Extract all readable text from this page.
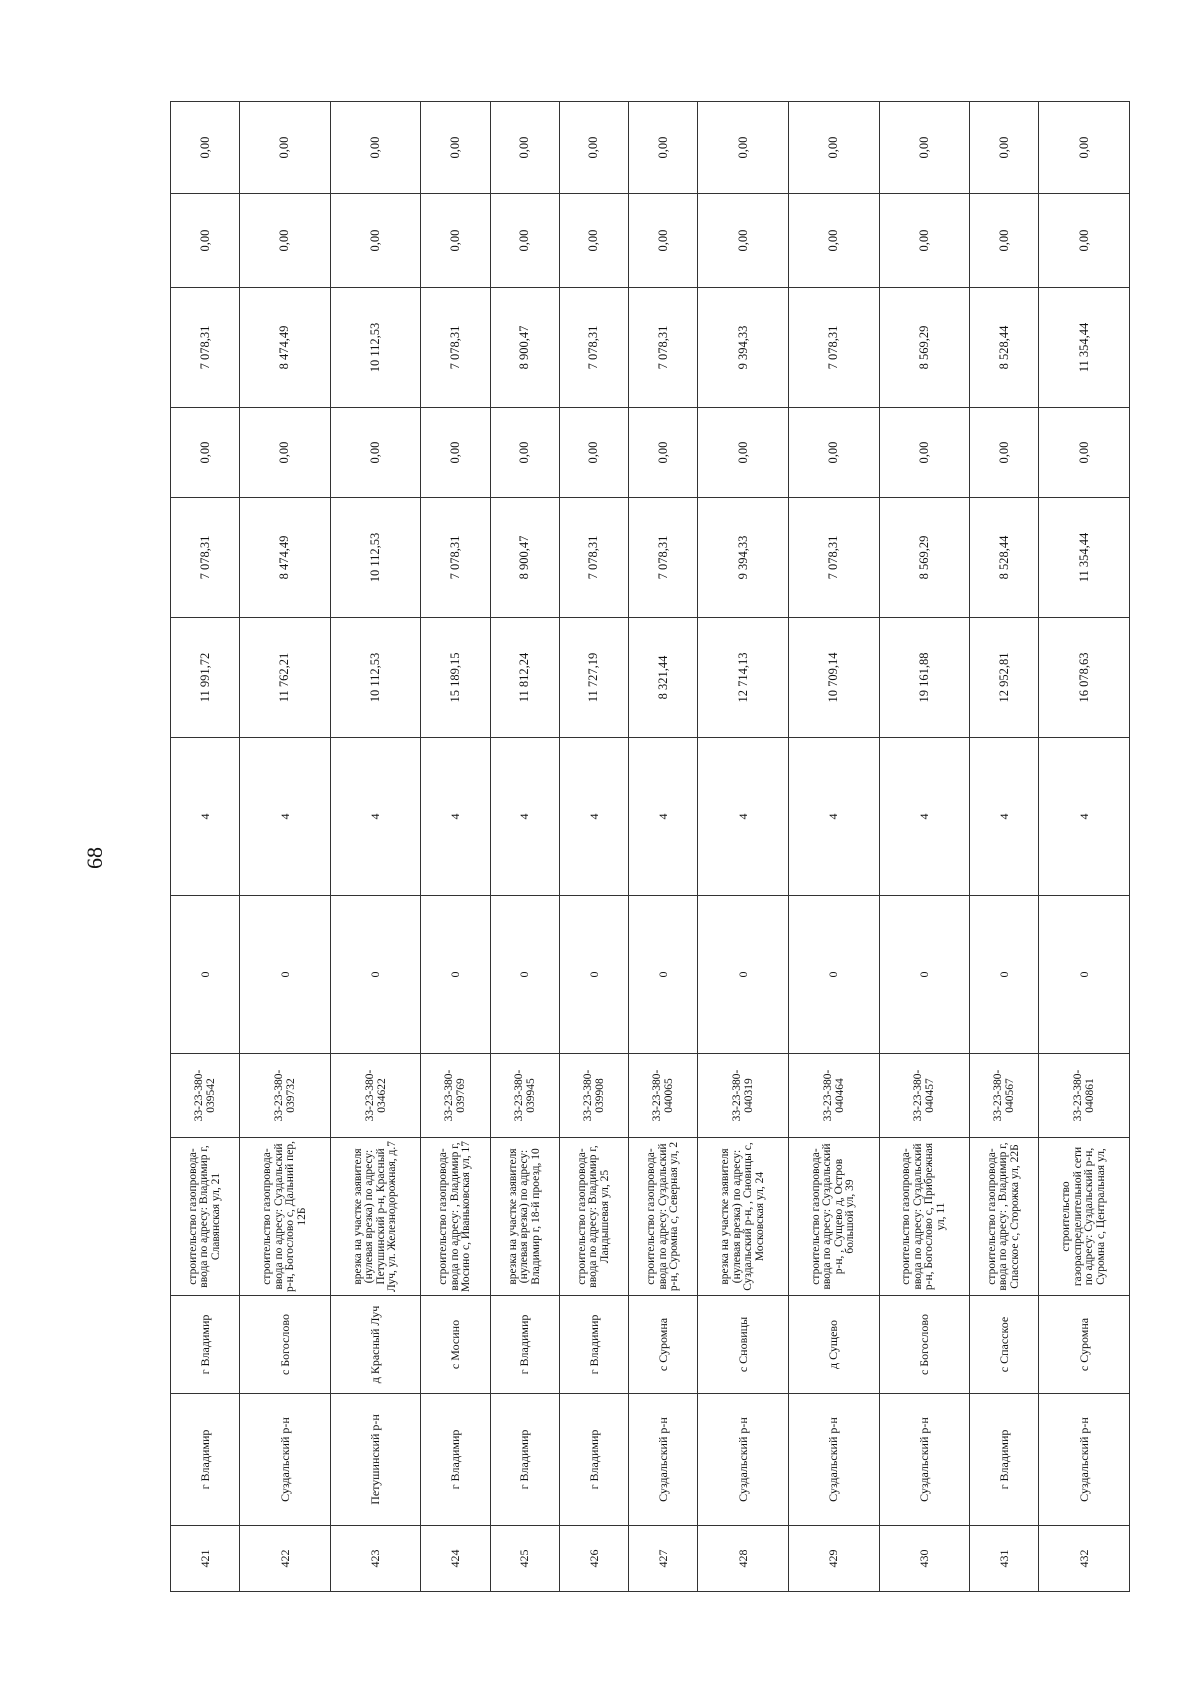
68
421	г Владимир	г Владимир	строительство газопровода-ввода по адресу: Владимир г, Славянская ул, 21	33-23-380-039542	0	4	11 991,72	7 078,31	0,00	7 078,31	0,00	0,00
422	Суздальский р-н	с Богослово	строительство газопровода-ввода по адресу: Суздальский р-н, Богослово с, Дальний пер, 12Б	33-23-380-039732	0	4	11 762,21	8 474,49	0,00	8 474,49	0,00	0,00
423	Петушинский р-н	д Красный Луч	врезка на участке заявителя (нулевая врезка) по адресу: Петушинский р-н, Красный Луч, ул. Железнодорожная, д.7	33-23-380-034622	0	4	10 112,53	10 112,53	0,00	10 112,53	0,00	0,00
424	г Владимир	с Мосино	строительство газопровода-ввода по адресу: , Владимир г, Мосино с, Иваньковская ул, 17	33-23-380-039769	0	4	15 189,15	7 078,31	0,00	7 078,31	0,00	0,00
425	г Владимир	г Владимир	врезка на участке заявителя (нулевая врезка) по адресу: Владимир г, 18-й проезд, 10	33-23-380-039945	0	4	11 812,24	8 900,47	0,00	8 900,47	0,00	0,00
426	г Владимир	г Владимир	строительство газопровода-ввода по адресу: Владимир г, Ландышевая ул, 25	33-23-380-039908	0	4	11 727,19	7 078,31	0,00	7 078,31	0,00	0,00
427	Суздальский р-н	с Суромна	строительство газопровода-ввода по адресу: Суздальский р-н, Суромна с, Северная ул, 2	33-23-380-040065	0	4	8 321,44	7 078,31	0,00	7 078,31	0,00	0,00
428	Суздальский р-н	с Сновицы	врезка на участке заявителя (нулевая врезка) по адресу: Суздальский р-н, , Сновицы с, Московская ул, 24	33-23-380-040319	0	4	12 714,13	9 394,33	0,00	9 394,33	0,00	0,00
429	Суздальский р-н	д Сущево	строительство газопровода-ввода по адресу: Суздальский р-н, , Сущево д, Остров большой ул, 39	33-23-380-040464	0	4	10 709,14	7 078,31	0,00	7 078,31	0,00	0,00
430	Суздальский р-н	с Богослово	строительство газопровода-ввода по адресу: Суздальский р-н, Богослово с, Прибрежная ул, 11	33-23-380-040457	0	4	19 161,88	8 569,29	0,00	8 569,29	0,00	0,00
431	г Владимир	с Спасское	строительство газопровода-ввода по адресу: , Владимир г, Спасское с, Сторожка ул, 22Б	33-23-380-040567	0	4	12 952,81	8 528,44	0,00	8 528,44	0,00	0,00
432	Суздальский р-н	с Суромна	строительство газораспределительной сети по адресу: Суздальский р-н, Суромна с, Центральная ул,	33-23-380-040861	0	4	16 078,63	11 354,44	0,00	11 354,44	0,00	0,00
